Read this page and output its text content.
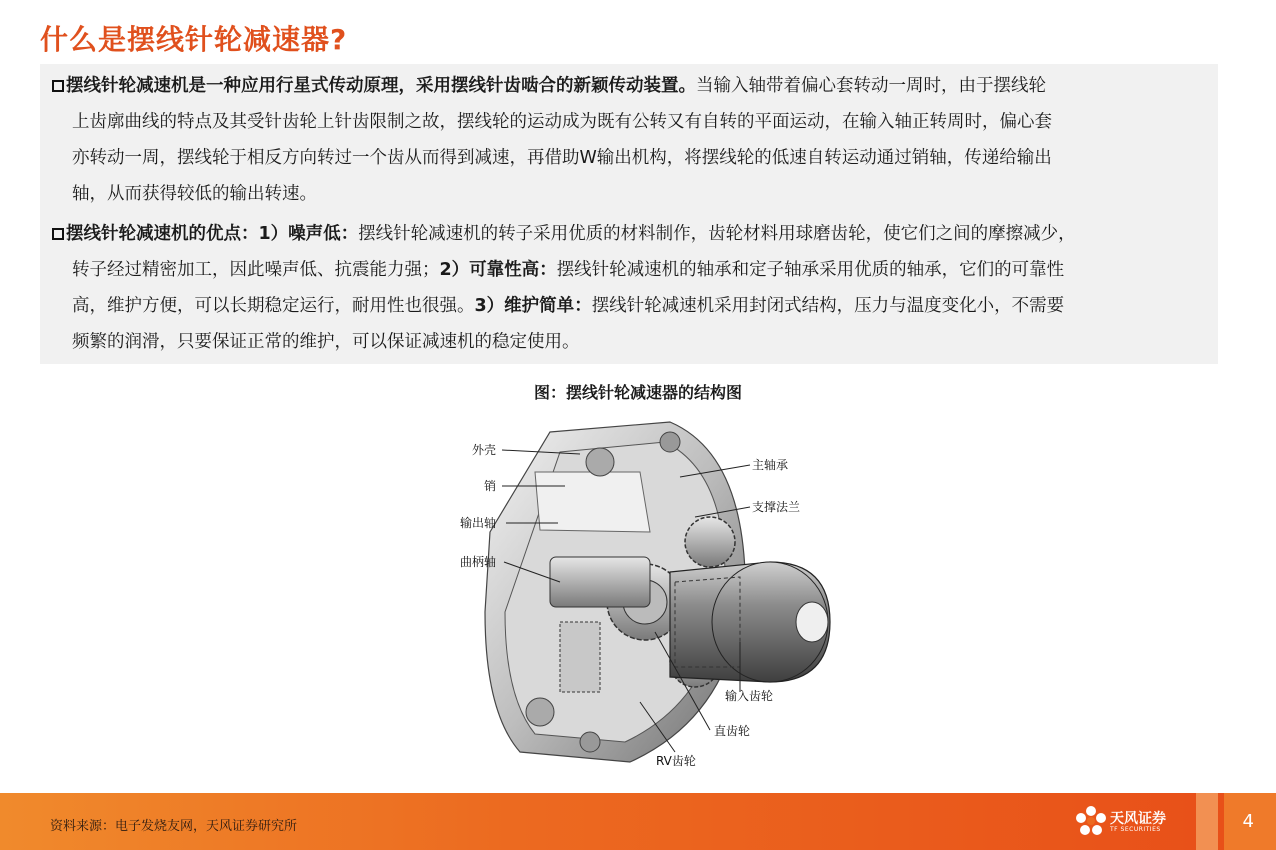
什么是摆线针轮减速器?
摆线针轮减速机是一种应用行星式传动原理，采用摆线针齿啮合的新颖传动装置。当输入轴带着偏心套转动一周时，由于摆线轮
上齿廓曲线的特点及其受针齿轮上针齿限制之故，摆线轮的运动成为既有公转又有自转的平面运动，在输入轴正转周时，偏心套
亦转动一周，摆线轮于相反方向转过一个齿从而得到减速，再借助W输出机构，将摆线轮的低速自转运动通过销轴，传递给输出
轴，从而获得较低的输出转速。
摆线针轮减速机的优点：1）噪声低：摆线针轮减速机的转子采用优质的材料制作，齿轮材料用球磨齿轮，使它们之间的摩擦减少，
转子经过精密加工，因此噪声低、抗震能力强；2）可靠性高：摆线针轮减速机的轴承和定子轴承采用优质的轴承，它们的可靠性
高，维护方便，可以长期稳定运行，耐用性也很强。3）维护简单：摆线针轮减速机采用封闭式结构，压力与温度变化小，不需要
频繁的润滑，只要保证正常的维护，可以保证减速机的稳定使用。
图：摆线针轮减速器的结构图
外壳
销
输出轴
曲柄轴
主轴承
支撑法兰
输入齿轮
直齿轮
RV齿轮
资料来源：电子发烧友网，天风证券研究所	天风证券
TF SECURITIES	4
